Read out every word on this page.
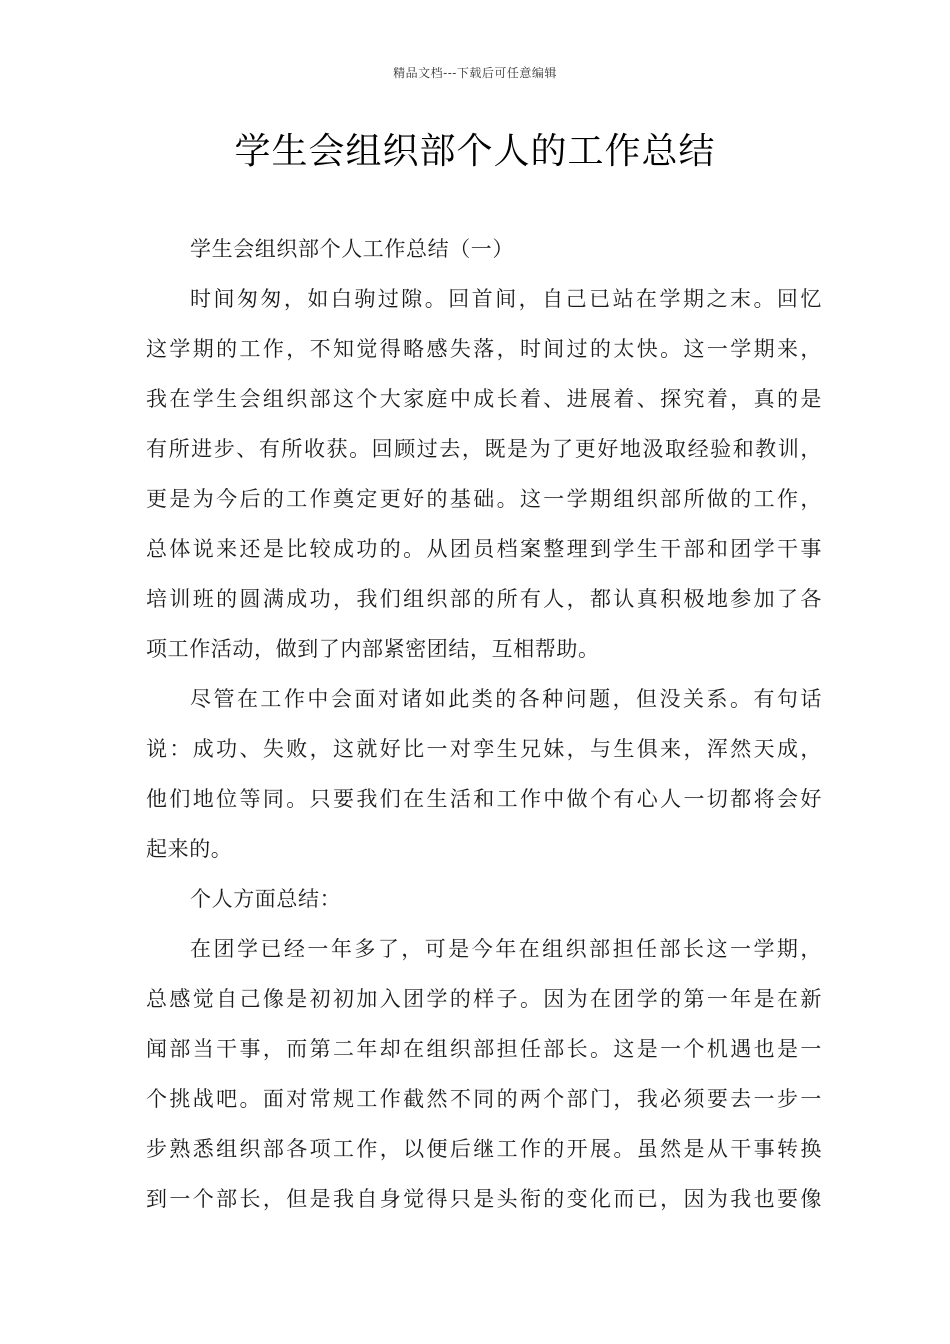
精品文档---下载后可任意编辑
学生会组织部个人的工作总结
学生会组织部个人工作总结（一）
时间匆匆，如白驹过隙。回首间，自己已站在学期之末。回忆
这学期的工作，不知觉得略感失落，时间过的太快。这一学期来，
我在学生会组织部这个大家庭中成长着、进展着、探究着，真的是
有所进步、有所收获。回顾过去，既是为了更好地汲取经验和教训，
更是为今后的工作奠定更好的基础。这一学期组织部所做的工作，
总体说来还是比较成功的。从团员档案整理到学生干部和团学干事
培训班的圆满成功，我们组织部的所有人，都认真积极地参加了各
项工作活动，做到了内部紧密团结，互相帮助。
尽管在工作中会面对诸如此类的各种问题，但没关系。有句话
说：成功、失败，这就好比一对孪生兄妹，与生俱来，浑然天成，
他们地位等同。只要我们在生活和工作中做个有心人一切都将会好
起来的。
个人方面总结：
在团学已经一年多了，可是今年在组织部担任部长这一学期，
总感觉自己像是初初加入团学的样子。因为在团学的第一年是在新
闻部当干事，而第二年却在组织部担任部长。这是一个机遇也是一
个挑战吧。面对常规工作截然不同的两个部门，我必须要去一步一
步熟悉组织部各项工作，以便后继工作的开展。虽然是从干事转换
到一个部长，但是我自身觉得只是头衔的变化而已，因为我也要像
